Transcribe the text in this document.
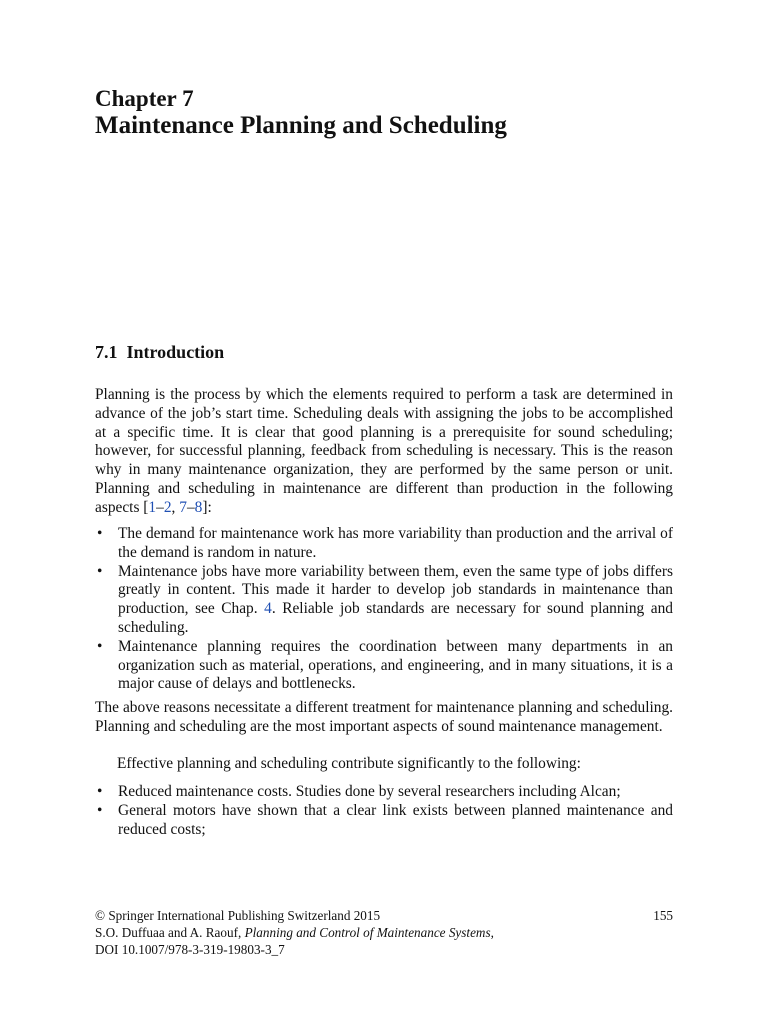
Chapter 7
Maintenance Planning and Scheduling
7.1 Introduction
Planning is the process by which the elements required to perform a task are determined in advance of the job’s start time. Scheduling deals with assigning the jobs to be accomplished at a specific time. It is clear that good planning is a prerequisite for sound scheduling; however, for successful planning, feedback from scheduling is necessary. This is the reason why in many maintenance organization, they are performed by the same person or unit. Planning and scheduling in maintenance are different than production in the following aspects [1–2, 7–8]:
• The demand for maintenance work has more variability than production and the arrival of the demand is random in nature.
• Maintenance jobs have more variability between them, even the same type of jobs differs greatly in content. This made it harder to develop job standards in maintenance than production, see Chap. 4. Reliable job standards are necessary for sound planning and scheduling.
• Maintenance planning requires the coordination between many departments in an organization such as material, operations, and engineering, and in many situations, it is a major cause of delays and bottlenecks.
The above reasons necessitate a different treatment for maintenance planning and scheduling. Planning and scheduling are the most important aspects of sound maintenance management.
Effective planning and scheduling contribute significantly to the following:
• Reduced maintenance costs. Studies done by several researchers including Alcan;
• General motors have shown that a clear link exists between planned maintenance and reduced costs;
© Springer International Publishing Switzerland 2015	155
S.O. Duffuaa and A. Raouf, Planning and Control of Maintenance Systems,
DOI 10.1007/978-3-319-19803-3_7
